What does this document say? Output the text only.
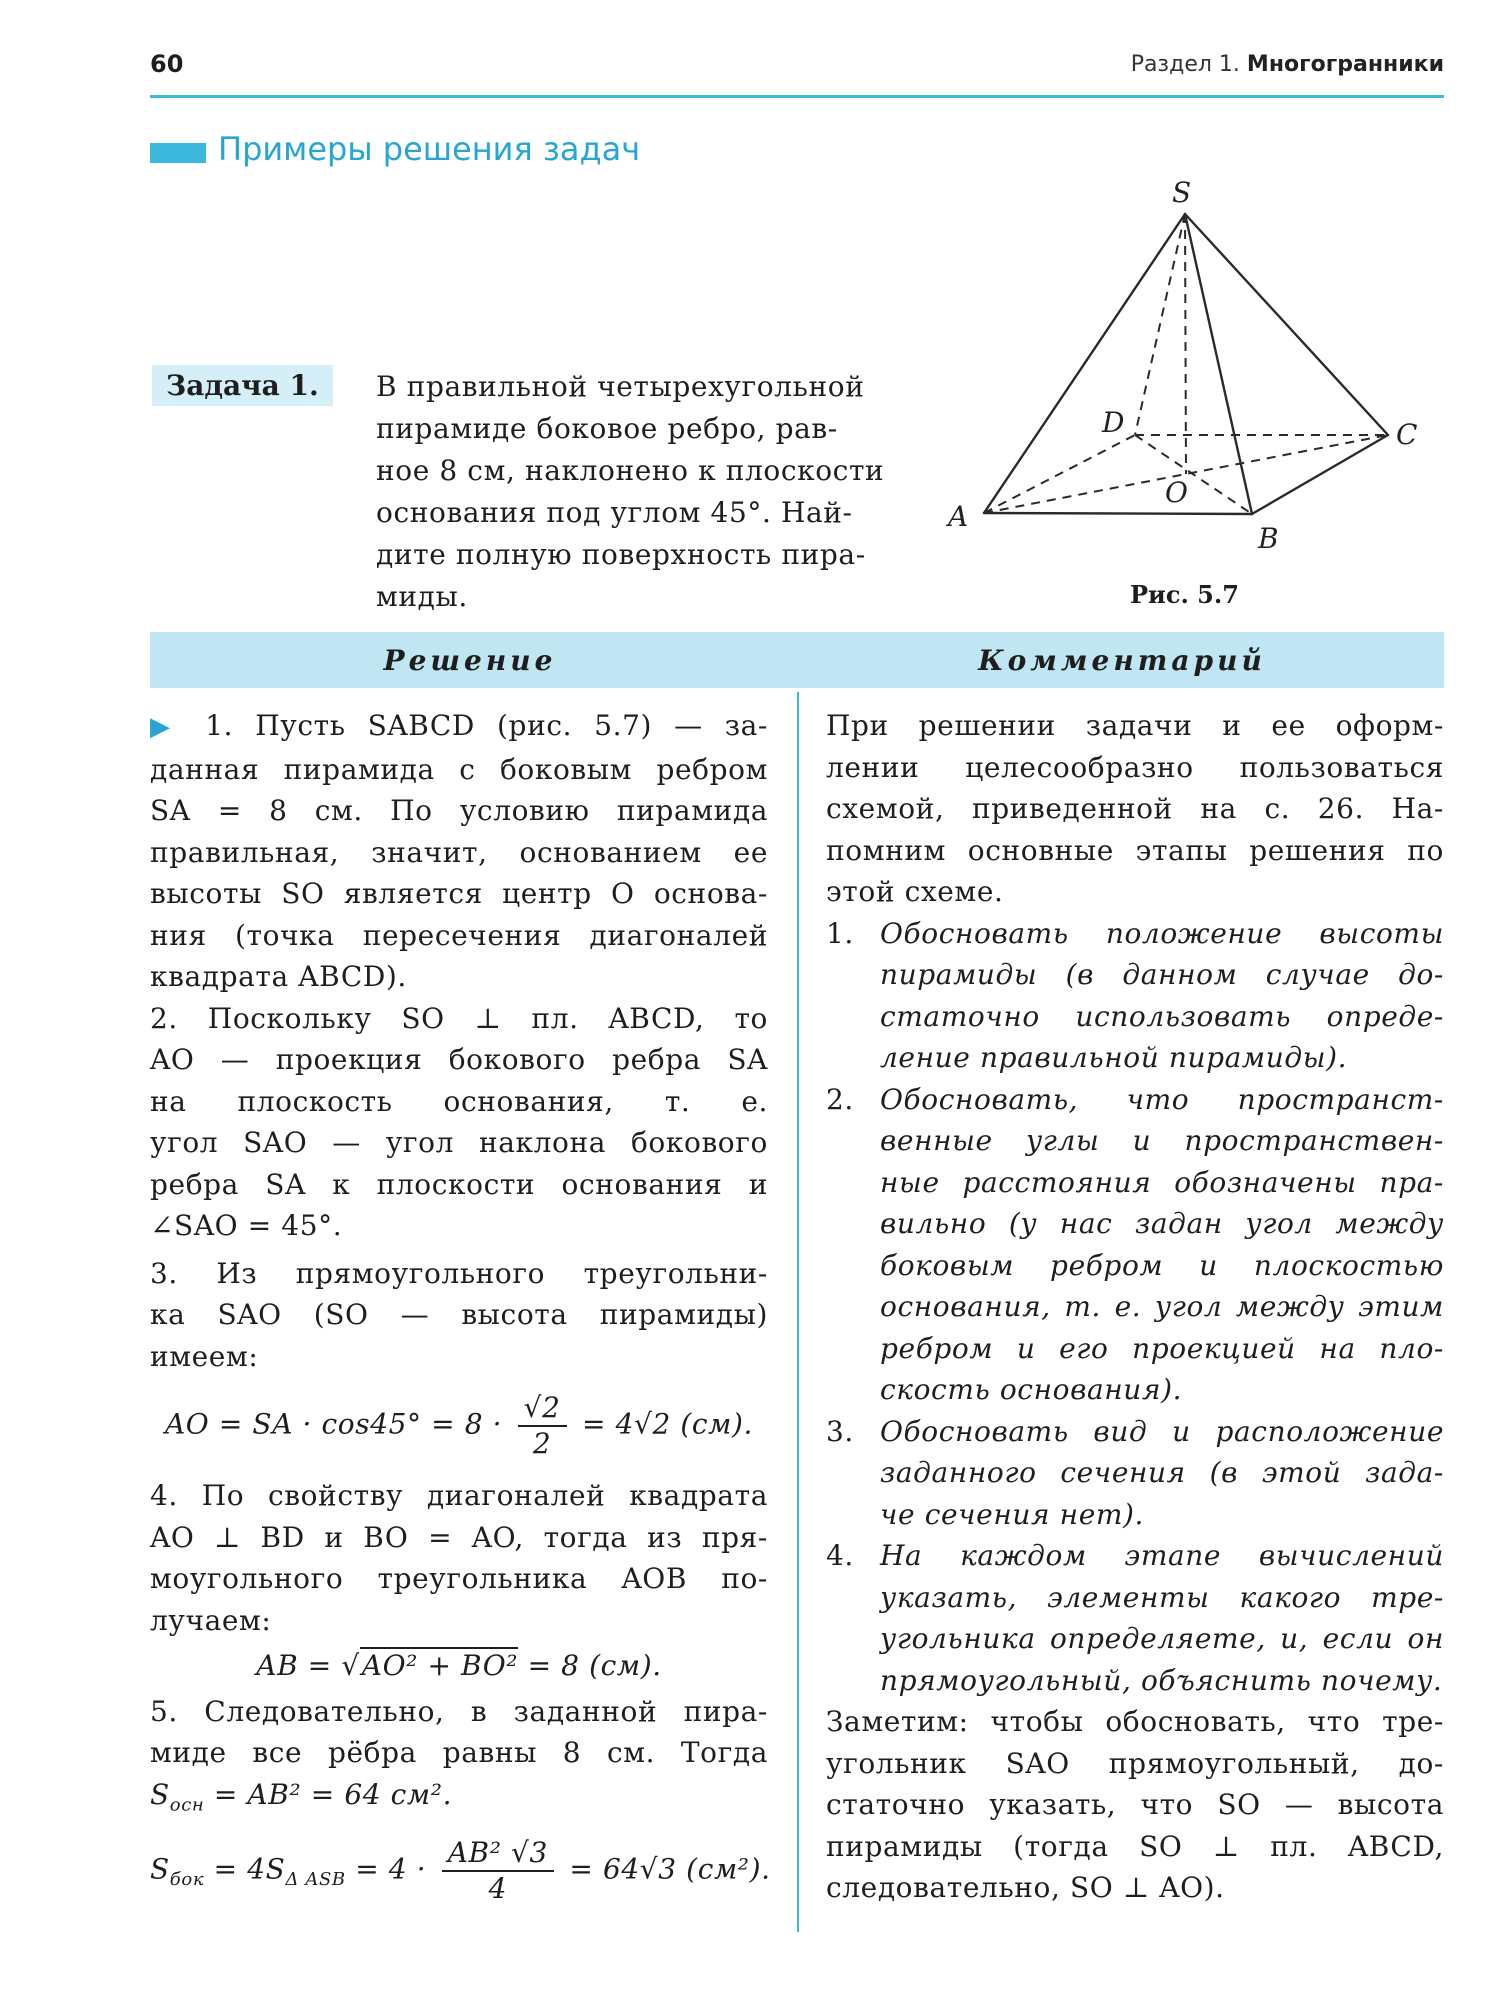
60	Раздел 1. Многогранники
Примеры решения задач
Задача 1.	В правильной четырехугольной
пирамиде боковое ребро, рав-
ное 8 см, наклонено к плоскости
основания под углом 45°. Най-
дите полную поверхность пира-
миды.

S
A
B
C
D
O
Рис. 5.7
Решение	Комментарий
▶ 1. Пусть SABCD (рис. 5.7) — за-
данная пирамида с боковым ребром
SA = 8 см. По условию пирамида
правильная, значит, основанием ее
высоты SO является центр O основа-
ния (точка пересечения диагоналей
квадрата ABCD).
2. Поскольку SO ⊥ пл. ABCD, то
AO — проекция бокового ребра SA
на плоскость основания, т. е.
угол SAO — угол наклона бокового
ребра SA к плоскости основания и
∠SAO = 45°.
3. Из прямоугольного треугольни-
ка SAO (SO — высота пирамиды)
имеем:
AO = SA · $\cos 45^\circ = 8 \cdot \frac{√2}{2} = 4√2$ (см).
4. По свойству диагоналей квадрата
AO ⊥ BD и BO = AO, тогда из пря-
моугольного треугольника AOB по-
лучаем:
AB = √AO² + BO² = 8 (см).
5. Следовательно, в заданной пира-
миде все рёбра равны 8 см. Тогда
$S_{осн} = AB^2 = 64$ см².
$S_{бок} = 4S_{\Delta ASB} = 4 \cdot \frac{\text{AB² √3}}{4} = 64√3$ (см²).
При решении задачи и ее оформ-
лении целесообразно пользоваться
схемой, приведенной на с. 26. На-
помним основные этапы решения по
этой схеме.
1. Обосновать положение высоты
пирамиды (в данном случае до-
статочно использовать опреде-
ление правильной пирамиды).
2. Обосновать, что пространст-
венные углы и пространствен-
ные расстояния обозначены пра-
вильно (у нас задан угол между
боковым ребром и плоскостью
основания, т. е. угол между этим
ребром и его проекцией на пло-
скость основания).
3. Обосновать вид и расположение
заданного сечения (в этой зада-
че сечения нет).
4. На каждом этапе вычислений
указать, элементы какого тре-
угольника определяете, и, если он
прямоугольный, объяснить почему.
Заметим: чтобы обосновать, что тре-
угольник SAO прямоугольный, до-
статочно указать, что SO — высота
пирамиды (тогда SO ⊥ пл. ABCD,
следовательно, SO ⊥ AO).
